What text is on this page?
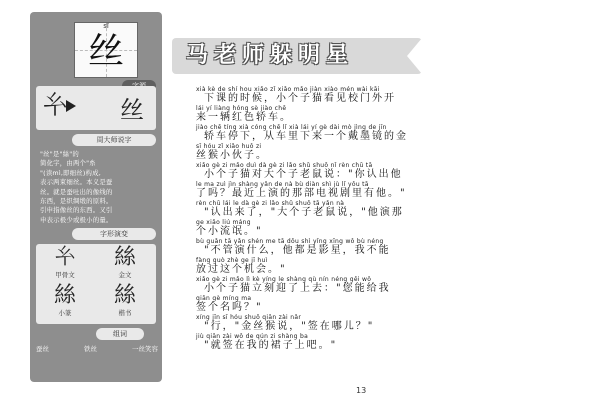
sī
丝
𢆯 丝
周大师说字
"丝"是"絲"的
简化字，由两个"糸
"(读mì,即细丝)构成,
表示两束细丝。本义是蚕
丝。就是蚕吐出的像线的
东西，是织绸缎的原料。
引申指像丝的东西。又引
申表示极少或极小的量。
字形演变
𢆯
甲骨文
絲
金文
絲
小篆
絲
楷书
组词
蚕丝	铁丝	一丝笑容
马老师躲明星
xià kè de shí hou xiǎo zǐ xiǎo mǎo jiàn xiào mén wài kāi
下课的时候，小个子猫看见校门外开
lái yí liàng hóng sè jiào chē
来一辆红色轿车。
jiào chē tíng xià cóng chē lǐ xià lái yí gè dài mò jìng de jīn
轿车停下，从车里下来一个戴墨镜的金
sī hóu zǐ xiǎo huǒ zi
丝猴小伙子。
xiǎo gè zi mǎo duì dà gè zi lǎo shǔ shuō nǐ rèn chū tā
小个子猫对大个子老鼠说："你认出他
le ma zuì jìn shàng yǎn de nà bù diàn shì jù lǐ yǒu tā
了吗？最近上演的那部电视剧里有他。"
rèn chū lái le dà gè zi lǎo shǔ shuō tā yǎn nà
"认出来了，"大个子老鼠说，"他演那
ge xiǎo liú máng
个小流氓。"
bù guǎn tā yǎn shén me tā dōu shì yǐng xīng wǒ bù néng
"不管演什么，他都是影星，我不能
fàng guò zhè ge jī huì
放过这个机会。"
xiǎo gè zi mǎo lì kè yíng le shàng qù nín néng gěi wǒ
小个子猫立刻迎了上去："您能给我
qiān gè míng ma
签个名吗？"
xíng jīn sī hóu shuō qiān zài nǎr
"行，"金丝猴说，"签在哪儿？"
jiù qiān zài wǒ de qún zi shàng ba
"就签在我的裙子上吧。"
13
